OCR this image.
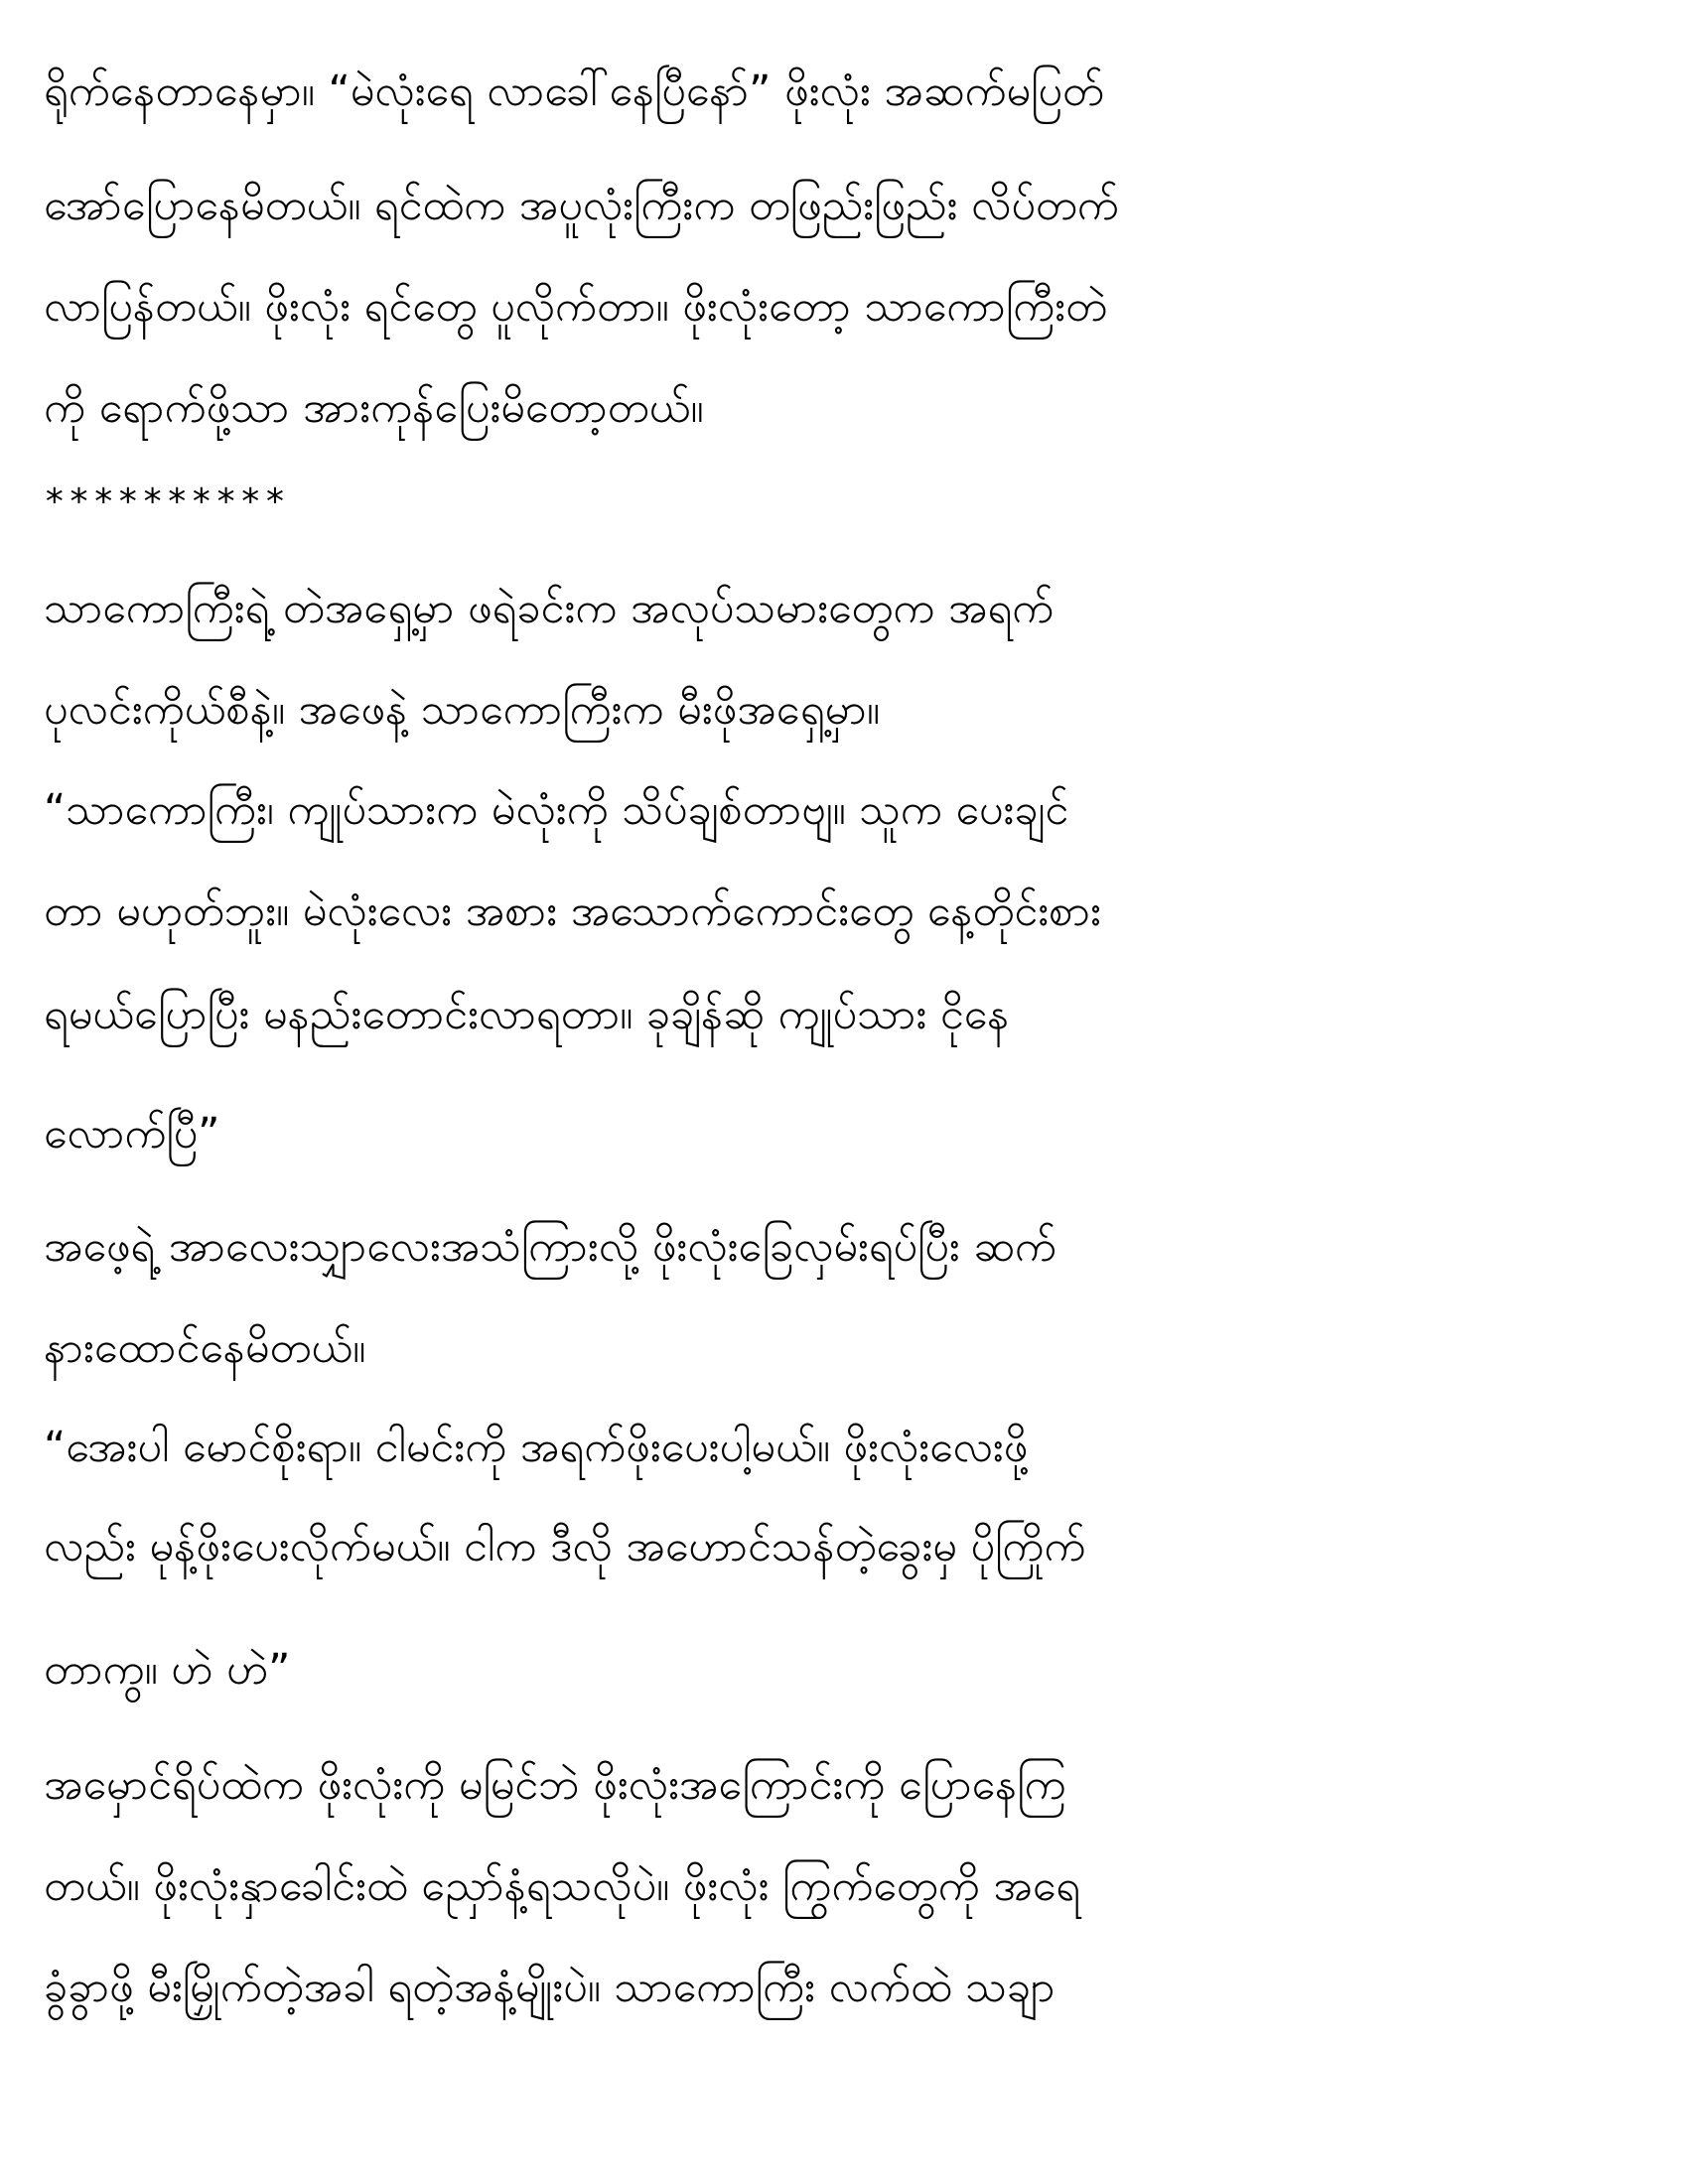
ရိုက်နေတာနေမှာ။ “မဲလုံးရေ လာခေါ်နေပြီနော်” ဖိုးလုံး အဆက်မပြတ်
အော်ပြောနေမိတယ်။ ရင်ထဲက အပူလုံးကြီးက တဖြည်းဖြည်း လိပ်တက်
လာပြန်တယ်။ ဖိုးလုံး ရင်တွေ ပူလိုက်တာ။ ဖိုးလုံးတော့ သာကောကြီးတဲ
ကို ရောက်ဖို့သာ အားကုန်ပြေးမိတော့တယ်။
**********
သာကောကြီးရဲ့ တဲအရှေ့မှာ ဖရဲခင်းက အလုပ်သမားတွေက အရက်
ပုလင်းကိုယ်စီနဲ့။ အဖေနဲ့ သာကောကြီးက မီးဖိုအရှေ့မှာ။
“သာကောကြီး၊ ကျုပ်သားက မဲလုံးကို သိပ်ချစ်တာဗျ။ သူက ပေးချင်
တာ မဟုတ်ဘူး။ မဲလုံးလေး အစား အသောက်ကောင်းတွေ နေ့တိုင်းစား
ရမယ်ပြောပြီး မနည်းတောင်းလာရတာ။ ခုချိန်ဆို ကျုပ်သား ငိုနေ
လောက်ပြီ”
အဖေ့ရဲ့ အာလေးသျှာလေးအသံကြားလို့ ဖိုးလုံးခြေလှမ်းရပ်ပြီး ဆက်
နားထောင်နေမိတယ်။
“အေးပါ မောင်စိုးရာ။ ငါမင်းကို အရက်ဖိုးပေးပါ့မယ်။ ဖိုးလုံးလေးဖို့
လည်း မုန့်ဖိုးပေးလိုက်မယ်။ ငါက ဒီလို အဟောင်သန်တဲ့ခွေးမှ ပိုကြိုက်
တာကွ။ ဟဲ ဟဲ”
အမှောင်ရိပ်ထဲက ဖိုးလုံးကို မမြင်ဘဲ ဖိုးလုံးအကြောင်းကို ပြောနေကြ
တယ်။ ဖိုးလုံးနှာခေါင်းထဲ ညှော်နံ့ရသလိုပဲ။ ဖိုးလုံး ကြွက်တွေကို အရေ
ခွံခွာဖို့ မီးမြှိုက်တဲ့အခါ ရတဲ့အနံ့မျိုးပဲ။ သာကောကြီး လက်ထဲ သချာ
